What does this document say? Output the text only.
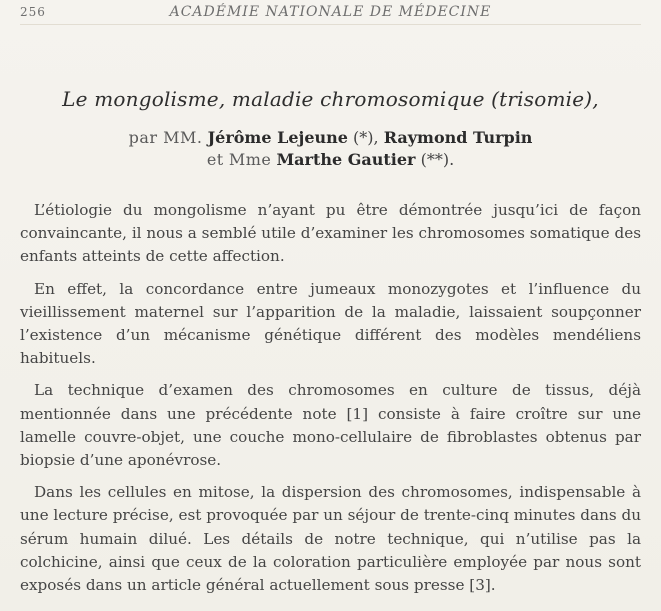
256	ACADÉMIE NATIONALE DE MÉDECINE
Le mongolisme, maladie chromosomique (trisomie),
par MM. Jérôme Lejeune (*), Raymond Turpin
et Mme Marthe Gautier (**).

L’étiologie du mongolisme n’ayant pu être démontrée jusqu’ici de façon convaincante, il nous a semblé utile d’examiner les chromosomes somatique des enfants atteints de cette affection.

En effet, la concordance entre jumeaux monozygotes et l’influence du vieillissement maternel sur l’apparition de la maladie, laissaient soupçonner l’existence d’un mécanisme génétique différent des modèles mendéliens habituels.

La technique d’examen des chromosomes en culture de tissus, déjà mentionnée dans une précédente note [1] consiste à faire croître sur une lamelle couvre-objet, une couche mono-cellulaire de fibroblastes obtenus par biopsie d’une aponévrose.

Dans les cellules en mitose, la dispersion des chromosomes, indispensable à une lecture précise, est provoquée par un séjour de trente-cinq minutes dans du sérum humain dilué. Les détails de notre technique, qui n’utilise pas la colchicine, ainsi que ceux de la coloration particulière employée par nous sont exposés dans un article général actuellement sous presse [3].
